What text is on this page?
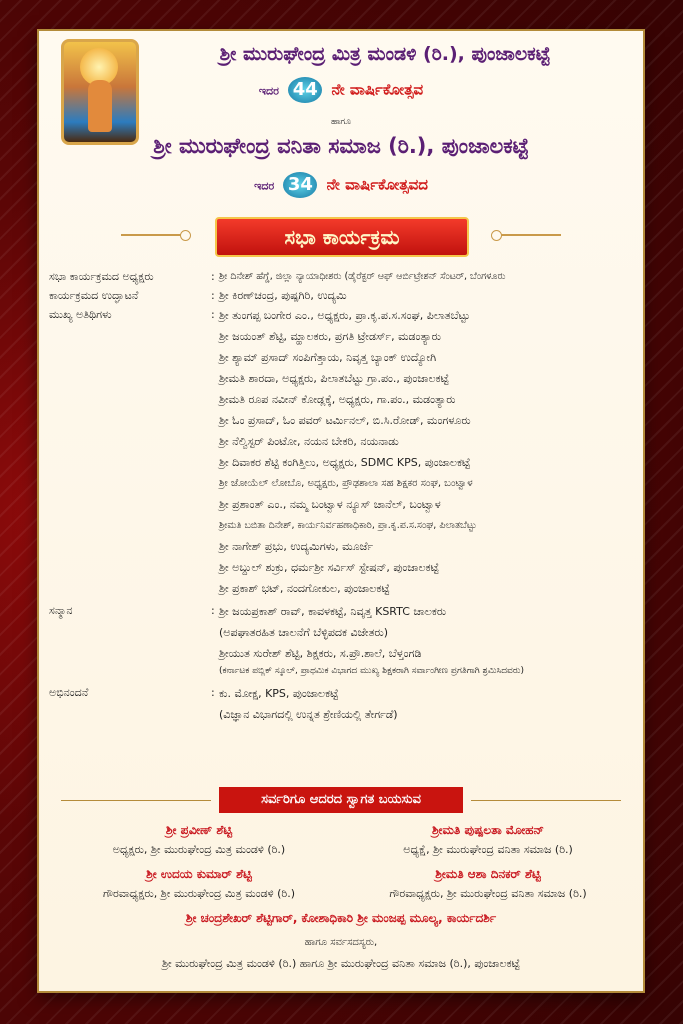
ಶ್ರೀ ಮುರುಘೇಂದ್ರ ಮಿತ್ರ ಮಂಡಳಿ (ರಿ.), ಪುಂಜಾಲಕಟ್ಟೆ
ಇದರ 44 ನೇ ವಾರ್ಷಿಕೋತ್ಸವ
ಹಾಗೂ
ಶ್ರೀ ಮುರುಘೇಂದ್ರ ವನಿತಾ ಸಮಾಜ (ರಿ.), ಪುಂಜಾಲಕಟ್ಟೆ
ಇದರ 34 ನೇ ವಾರ್ಷಿಕೋತ್ಸವದ
ಸಭಾ ಕಾರ್ಯಕ್ರಮ
ಸಭಾ ಕಾರ್ಯಕ್ರಮದ ಅಧ್ಯಕ್ಷರು	: ಶ್ರೀ ದಿನೇಶ್ ಹೆಗ್ಡೆ, ಜಿಲ್ಲಾ ನ್ಯಾಯಾಧೀಶರು (ಡೈರೆಕ್ಟರ್ ಆಫ್ ಆರ್ಬಿಟ್ರೇಶನ್ ಸೆಂಟರ್, ಬೆಂಗಳೂರು
ಕಾರ್ಯಕ್ರಮದ ಉದ್ಘಾಟನೆ	: ಶ್ರೀ ಕಿರಣ್‌ಚಂದ್ರ, ಪುಷ್ಪಗಿರಿ, ಉದ್ಯಮಿ
ಮುಖ್ಯ ಅತಿಥಿಗಳು	: ಶ್ರೀ ತುಂಗಪ್ಪ ಬಂಗೇರ ಎಂ., ಅಧ್ಯಕ್ಷರು, ಪ್ರಾ.ಕೃ.ಪ.ಸ.ಸಂಘ, ಪಿಲಾತಬೆಟ್ಟು
ಶ್ರೀ ಜಯಂತ್ ಶೆಟ್ಟಿ, ಮ್ಹಾಲಕರು, ಪ್ರಗತಿ ಟ್ರೇಡರ್ಸ್, ಮಡಂತ್ಯಾರು
ಶ್ರೀ ಶ್ಯಾಮ್ ಪ್ರಸಾದ್ ಸಂಪಿಗೆತ್ತಾಯ, ನಿವೃತ್ತ ಬ್ಯಾಂಕ್ ಉದ್ಯೋಗಿ
ಶ್ರೀಮತಿ ಶಾರದಾ, ಅಧ್ಯಕ್ಷರು, ಪಿಲಾತಬೆಟ್ಟು ಗ್ರಾ.ಪಂ., ಪುಂಜಾಲಕಟ್ಟೆ
ಶ್ರೀಮತಿ ರೂಪ ನವೀನ್ ಕೋಡ್ಲಕ್ಕೆ, ಅಧ್ಯಕ್ಷರು, ಗಾ.ಪಂ., ಮಡಂತ್ಯಾರು
ಶ್ರೀ ಓಂ ಪ್ರಸಾದ್, ಓಂ ಪವರ್ ಟರ್ಮಿನಲ್, ಬಿ.ಸಿ.ರೋಡ್, ಮಂಗಳೂರು
ಶ್ರೀ ನೆಲ್ವಿಸ್ಟರ್ ಪಿಂಟೋ, ನಯನ ಬೇಕರಿ, ನಯನಾಡು
ಶ್ರೀ ದಿವಾಕರ ಶೆಟ್ಟಿ ಕಂಗಿತ್ತಿಲು, ಅಧ್ಯಕ್ಷರು, SDMC KPS, ಪುಂಜಾಲಕಟ್ಟೆ
ಶ್ರೀ ಜೋಯೆಲ್ ಲೋಬೊ, ಅಧ್ಯಕ್ಷರು, ಪ್ರೌಢಶಾಲಾ ಸಹ ಶಿಕ್ಷಕರ ಸಂಘ, ಬಂಟ್ವಾಳ
ಶ್ರೀ ಪ್ರಶಾಂತ್ ಎಂ., ನಮ್ಮ ಬಂಟ್ವಾಳ ನ್ಯೂಸ್ ಚಾನೆಲ್, ಬಂಟ್ವಾಳ
ಶ್ರೀಮತಿ ಬಬಿತಾ ದಿನೇಶ್, ಕಾರ್ಯನಿರ್ವಹಣಾಧಿಕಾರಿ, ಪ್ರಾ.ಕೃ.ಪ.ಸ.ಸಂಘ, ಪಿಲಾತಬೆಟ್ಟು
ಶ್ರೀ ನಾಗೇಶ್ ಪ್ರಭು, ಉದ್ಯಮಿಗಳು, ಮೂರ್ಜೆ
ಶ್ರೀ ಅಬ್ದುಲ್ ಶುಕ್ರು, ಧರ್ಮಶ್ರೀ ಸರ್ವಿಸ್ ಸ್ಟೇಷನ್, ಪುಂಜಾಲಕಟ್ಟೆ
ಶ್ರೀ ಪ್ರಕಾಶ್ ಭಟ್, ನಂದಗೋಕುಲ, ಪುಂಜಾಲಕಟ್ಟೆ
ಸನ್ಮಾನ	: ಶ್ರೀ ಜಯಪ್ರಕಾಶ್ ರಾವ್, ಕಾವಳಕಟ್ಟೆ, ನಿವೃತ್ತ KSRTC ಚಾಲಕರು
(ಅಪಘಾತರಹಿತ ಚಾಲನೆಗೆ ಬೆಳ್ಳಿಪದಕ ವಿಜೇತರು)
ಶ್ರೀಯುತ ಸುರೇಶ್ ಶೆಟ್ಟಿ, ಶಿಕ್ಷಕರು, ಸ.ಪ್ರೌ.ಶಾಲೆ, ಬೆಳ್ತಂಗಡಿ
(ಕರ್ನಾಟಕ ಪಬ್ಲಿಕ್ ಸ್ಕೂಲ್, ಪ್ರಾಥಮಿಕ ವಿಭಾಗದ ಮುಖ್ಯ ಶಿಕ್ಷಕರಾಗಿ ಸರ್ವಾಂಗೀಣ ಪ್ರಗತಿಗಾಗಿ ಶ್ರಮಿಸಿದವರು)
ಅಭಿನಂದನೆ	: ಕು. ಮೋಕ್ಷ, KPS, ಪುಂಜಾಲಕಟ್ಟೆ
(ವಿಜ್ಞಾನ ವಿಭಾಗದಲ್ಲಿ ಉನ್ನತ ಶ್ರೇಣಿಯಲ್ಲಿ ತೇರ್ಗಡೆ)
ಸರ್ವರಿಗೂ ಆದರದ ಸ್ವಾಗತ ಬಯಸುವ
ಶ್ರೀ ಪ್ರವೀಣ್ ಶೆಟ್ಟಿ
ಅಧ್ಯಕ್ಷರು, ಶ್ರೀ ಮುರುಘೇಂದ್ರ ಮಿತ್ರ ಮಂಡಳಿ (ರಿ.)
ಶ್ರೀಮತಿ ಪುಷ್ಪಲತಾ ಮೋಹನ್
ಅಧ್ಯಕ್ಷೆ, ಶ್ರೀ ಮುರುಘೇಂದ್ರ ವನಿತಾ ಸಮಾಜ (ರಿ.)
ಶ್ರೀ ಉದಯ ಕುಮಾರ್ ಶೆಟ್ಟಿ
ಗೌರವಾಧ್ಯಕ್ಷರು, ಶ್ರೀ ಮುರುಘೇಂದ್ರ ಮಿತ್ರ ಮಂಡಳಿ (ರಿ.)
ಶ್ರೀಮತಿ ಆಶಾ ದಿನಕರ್ ಶೆಟ್ಟಿ
ಗೌರವಾಧ್ಯಕ್ಷರು, ಶ್ರೀ ಮುರುಘೇಂದ್ರ ವನಿತಾ ಸಮಾಜ (ರಿ.)
ಶ್ರೀ ಚಂದ್ರಶೇಖರ್ ಶೆಟ್ಟಿಗಾರ್, ಕೋಶಾಧಿಕಾರಿ ಶ್ರೀ ಮಂಜಪ್ಪ ಮೂಲ್ಯ, ಕಾರ್ಯದರ್ಶಿ
ಹಾಗೂ ಸರ್ವಸದಸ್ಯರು,
ಶ್ರೀ ಮುರುಘೇಂದ್ರ ಮಿತ್ರ ಮಂಡಳಿ (ರಿ.) ಹಾಗೂ ಶ್ರೀ ಮುರುಘೇಂದ್ರ ವನಿತಾ ಸಮಾಜ (ರಿ.), ಪುಂಜಾಲಕಟ್ಟೆ
